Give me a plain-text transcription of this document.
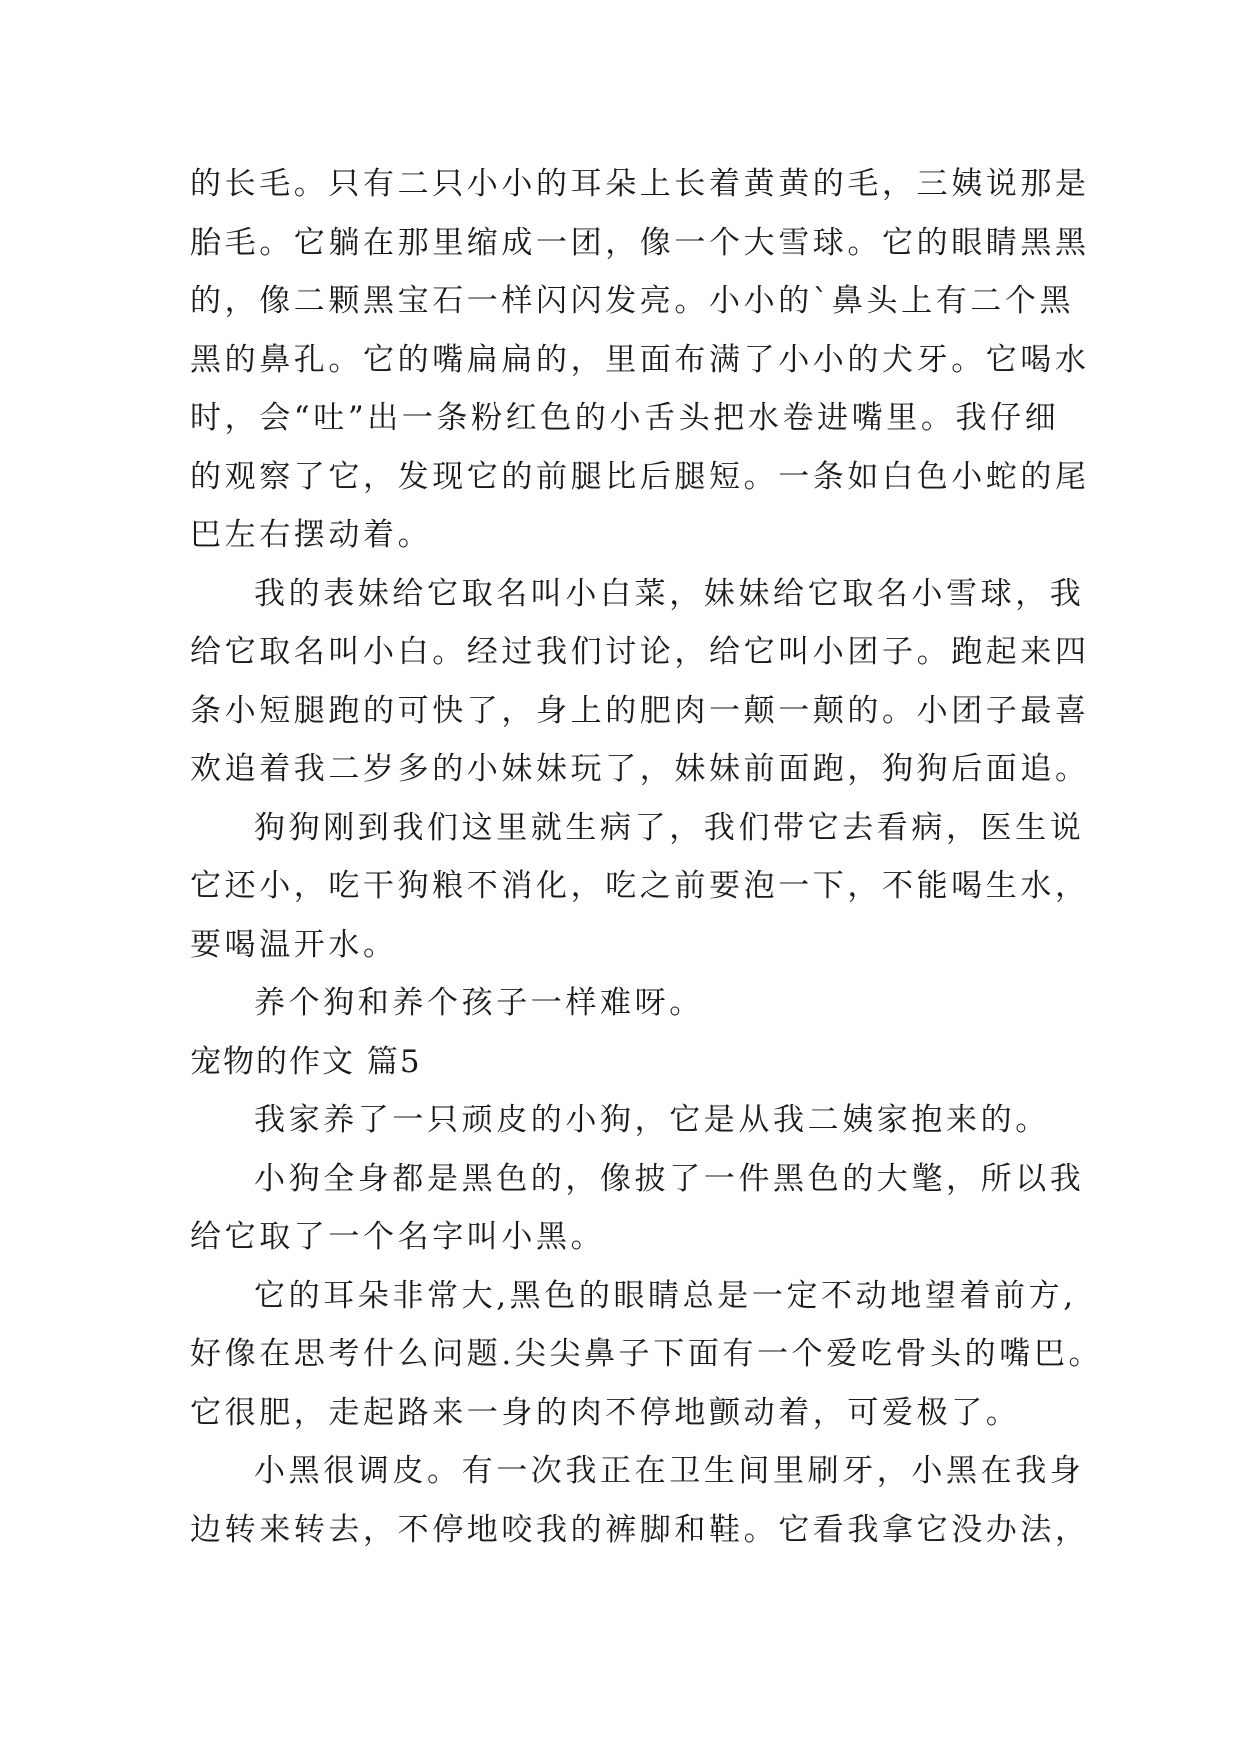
的长毛。只有二只小小的耳朵上长着黄黄的毛，三姨说那是
胎毛。它躺在那里缩成一团，像一个大雪球。它的眼睛黑黑
的，像二颗黑宝石一样闪闪发亮。小小的`鼻头上有二个黑
黑的鼻孔。它的嘴扁扁的，里面布满了小小的犬牙。它喝水
时，会“吐”出一条粉红色的小舌头把水卷进嘴里。我仔细
的观察了它，发现它的前腿比后腿短。一条如白色小蛇的尾
巴左右摆动着。
我的表妹给它取名叫小白菜，妹妹给它取名小雪球，我
给它取名叫小白。经过我们讨论，给它叫小团子。跑起来四
条小短腿跑的可快了，身上的肥肉一颠一颠的。小团子最喜
欢追着我二岁多的小妹妹玩了，妹妹前面跑，狗狗后面追。
狗狗刚到我们这里就生病了，我们带它去看病，医生说
它还小，吃干狗粮不消化，吃之前要泡一下，不能喝生水，
要喝温开水。
养个狗和养个孩子一样难呀。
宠物的作文 篇5
我家养了一只顽皮的小狗，它是从我二姨家抱来的。
小狗全身都是黑色的，像披了一件黑色的大氅，所以我
给它取了一个名字叫小黑。
它的耳朵非常大,黑色的眼睛总是一定不动地望着前方,
好像在思考什么问题.尖尖鼻子下面有一个爱吃骨头的嘴巴。
它很肥，走起路来一身的肉不停地颤动着，可爱极了。
小黑很调皮。有一次我正在卫生间里刷牙，小黑在我身
边转来转去，不停地咬我的裤脚和鞋。它看我拿它没办法，
